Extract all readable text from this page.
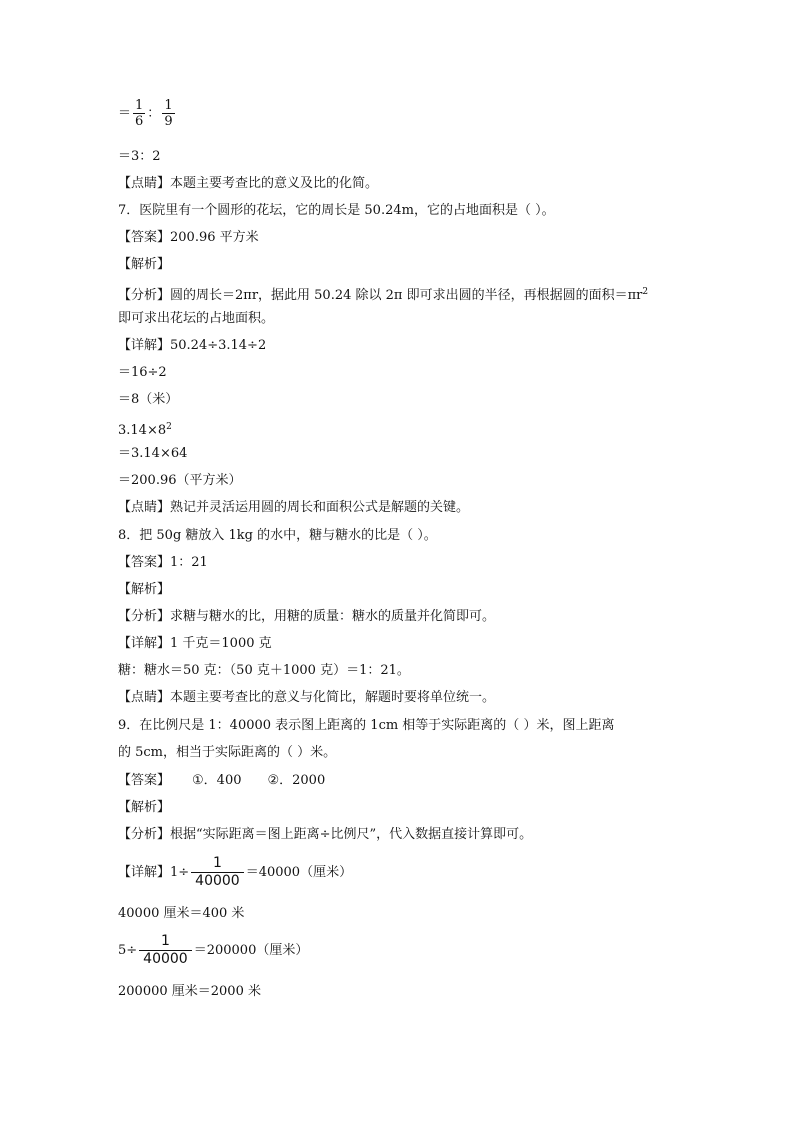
＝ $\frac{1}{6}$ ： $\frac{1}{9}$
＝3：2
【点睛】本题主要考查比的意义及比的化简。
7．医院里有一个圆形的花坛，它的周长是 50.24m，它的占地面积是（ ）。
【答案】200.96 平方米
【解析】
【分析】圆的周长＝2πr，据此用 50.24 除以 2π 即可求出圆的半径，再根据圆的面积$=\pi r^2$
即可求出花坛的占地面积。
【详解】50.24÷3.14÷2
＝16÷2
＝8（米）
$3.14\times 8^2$
＝3.14×64
＝200.96（平方米）
【点睛】熟记并灵活运用圆的周长和面积公式是解题的关键。
8．把 50g 糖放入 1kg 的水中，糖与糖水的比是（ ）。
【答案】1：21
【解析】
【分析】求糖与糖水的比，用糖的质量：糖水的质量并化简即可。
【详解】1 千克＝1000 克
糖：糖水＝50 克：（50 克＋1000 克）＝1：21。
【点睛】本题主要考查比的意义与化简比，解题时要将单位统一。
9．在比例尺是 1：40000 表示图上距离的 1cm 相等于实际距离的（ ）米，图上距离
的 5cm，相当于实际距离的（ ）米。
【答案】 ①．400 ②．2000
【解析】
【分析】根据“实际距离＝图上距离÷比例尺”，代入数据直接计算即可。
【详解】$1\div \frac{1}{40000} =40000$（厘米）
40000 厘米＝400 米
$5\div \frac{1}{40000} =200000$（厘米）
200000 厘米＝2000 米
